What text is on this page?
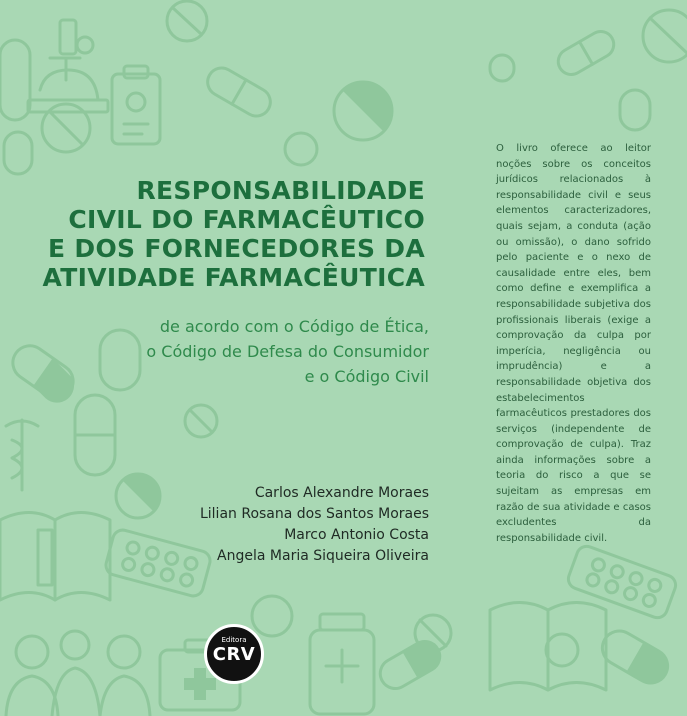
RESPONSABILIDADE
CIVIL DO FARMACÊUTICO
E DOS FORNECEDORES DA
ATIVIDADE FARMACÊUTICA

de acordo com o Código de Ética,
o Código de Defesa do Consumidor
e o Código Civil

Carlos Alexandre Moraes
Lilian Rosana dos Santos Moraes
Marco Antonio Costa
Angela Maria Siqueira Oliveira

O livro oferece ao leitor noções sobre os conceitos jurídicos relacionados à responsabilidade civil e seus elementos caracterizadores, quais sejam, a conduta (ação ou omissão), o dano sofrido pelo paciente e o nexo de causalidade entre eles, bem como define e exemplifica a responsabilidade subjetiva dos profissionais liberais (exige a comprovação da culpa por imperícia, negligência ou imprudência) e a responsabilidade objetiva dos estabelecimentos farmacêuticos prestadores dos serviços (independente de comprovação de culpa). Traz ainda informações sobre a teoria do risco a que se sujeitam as empresas em razão de sua atividade e casos excludentes da responsabilidade civil.

Editora
CRV
